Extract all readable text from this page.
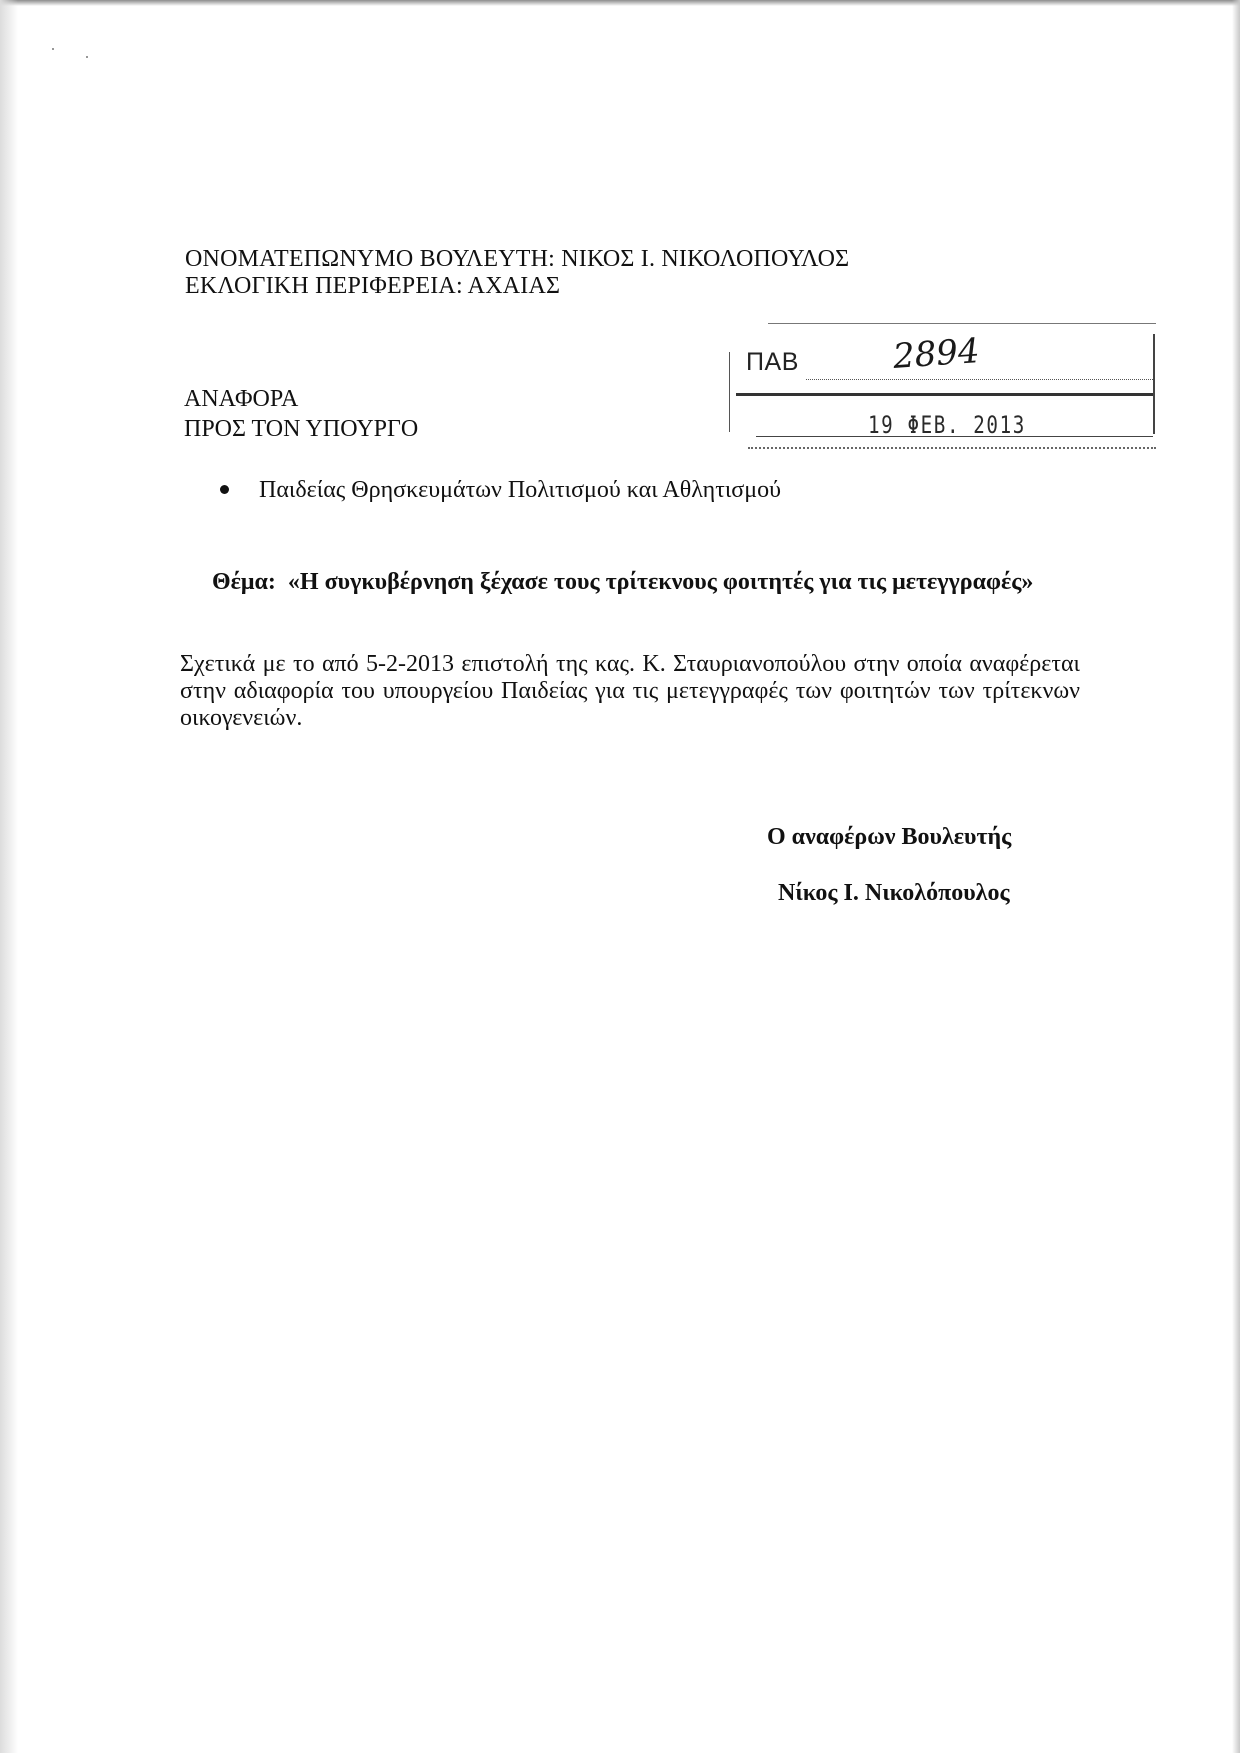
ΟΝΟΜΑΤΕΠΩΝΥΜΟ ΒΟΥΛΕΥΤΗ: ΝΙΚΟΣ Ι. ΝΙΚΟΛΟΠΟΥΛΟΣ
ΕΚΛΟΓΙΚΗ ΠΕΡΙΦΕΡΕΙΑ: ΑΧΑΙΑΣ
ΑΝΑΦΟΡΑ
ΠΡΟΣ ΤΟΝ ΥΠΟΥΡΓΟ
ΠΑΒ	2894
19 ΦΕΒ. 2013
Παιδείας Θρησκευμάτων Πολιτισμού και Αθλητισμού
Θέμα:  «Η συγκυβέρνηση ξέχασε τους τρίτεκνους φοιτητές για τις μετεγγραφές»
Σχετικά με το από 5-2-2013 επιστολή της κας. Κ. Σταυριανοπούλου στην οποία αναφέρεται στην αδιαφορία του υπουργείου Παιδείας για τις μετεγγραφές των φοιτητών των τρίτεκνων οικογενειών.
Ο αναφέρων Βουλευτής
Νίκος Ι. Νικολόπουλος
